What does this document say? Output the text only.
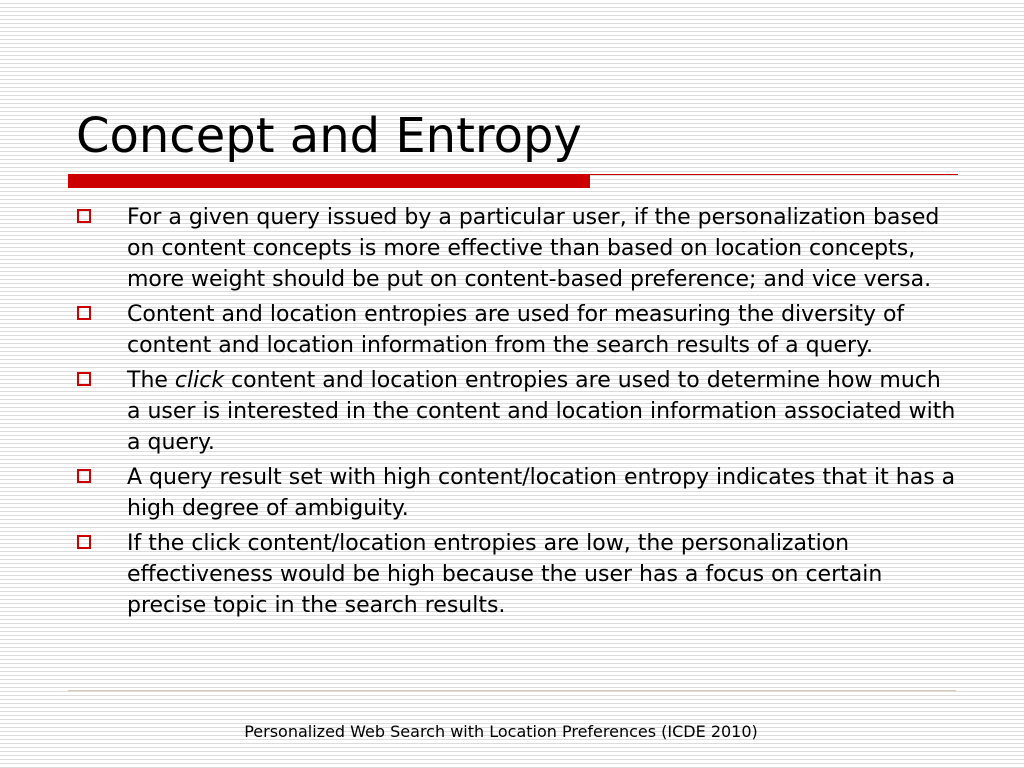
Concept and Entropy
For a given query issued by a particular user, if the personalization based on content concepts is more effective than based on location concepts, more weight should be put on content-based preference; and vice versa.
Content and location entropies are used for measuring the diversity of content and location information from the search results of a query.
The click content and location entropies are used to determine how much a user is interested in the content and location information associated with a query.
A query result set with high content/location entropy indicates that it has a high degree of ambiguity.
If the click content/location entropies are low, the personalization effectiveness would be high because the user has a focus on certain precise topic in the search results.
Personalized Web Search with Location Preferences (ICDE 2010)
